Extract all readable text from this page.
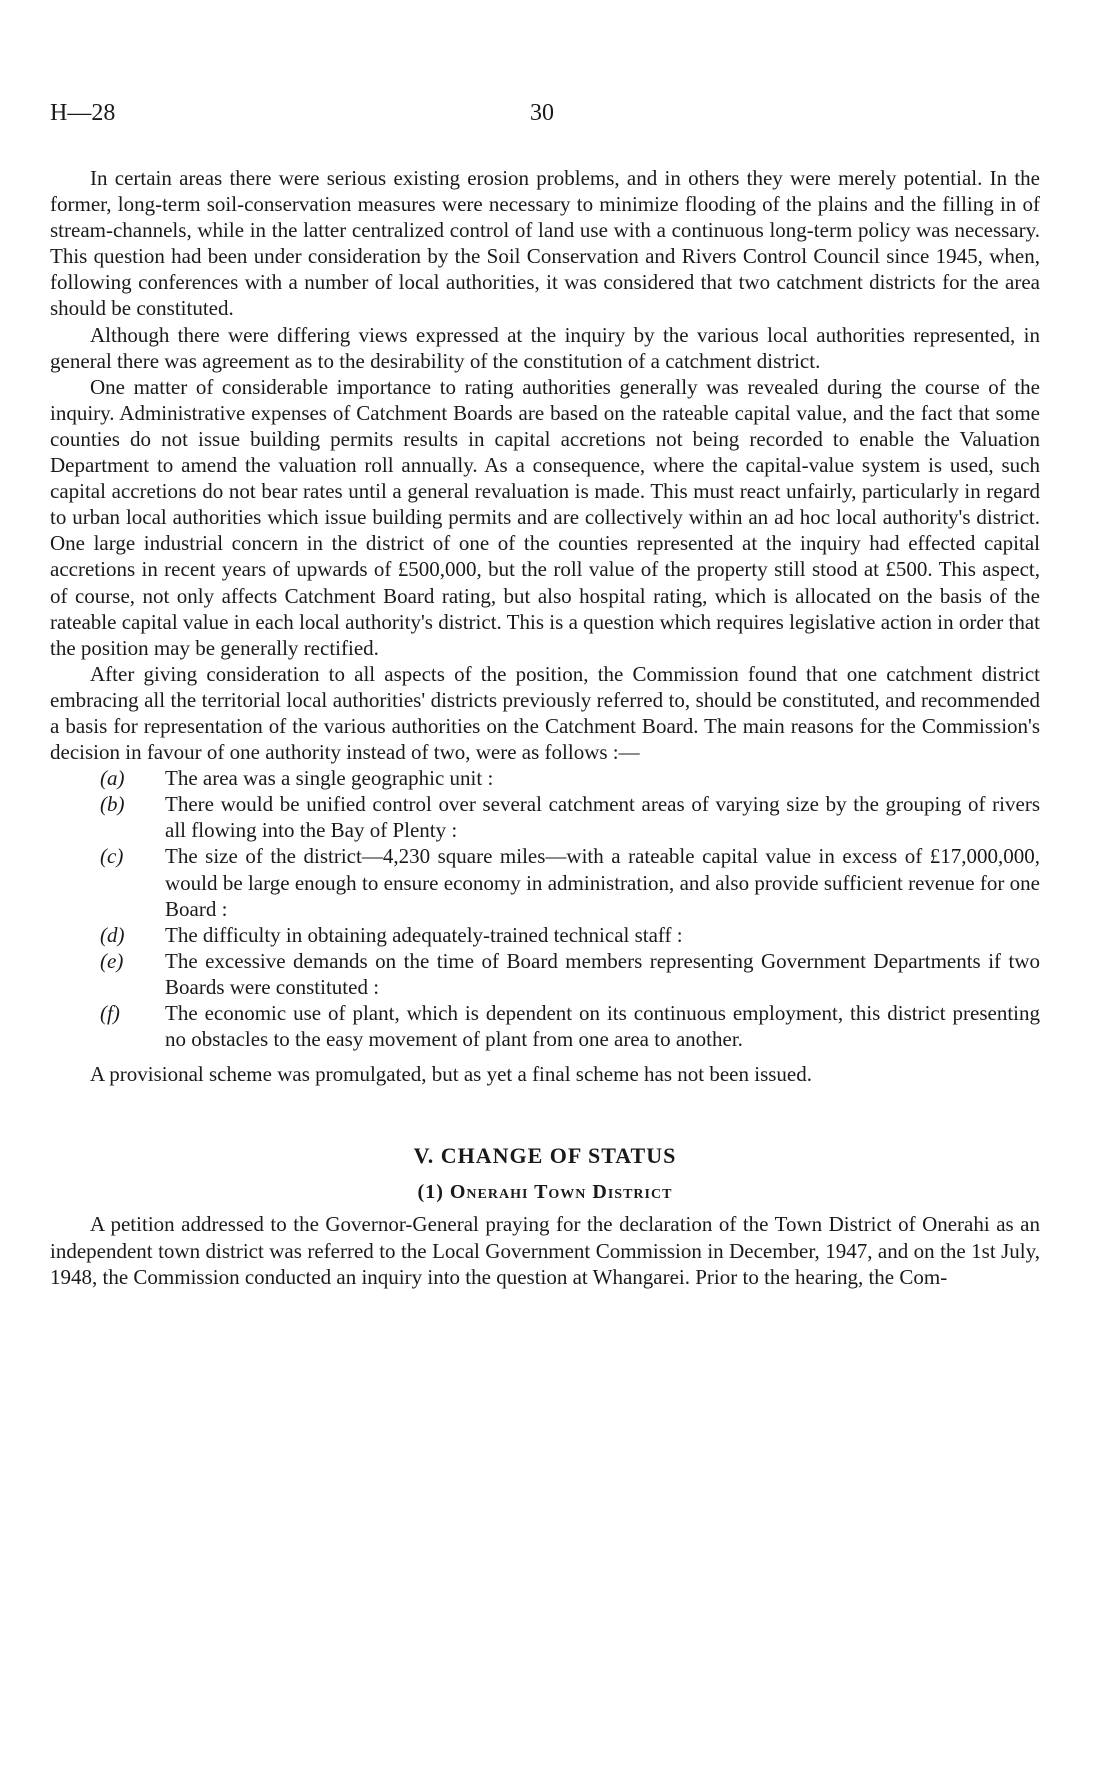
H—28	30

In certain areas there were serious existing erosion problems, and in others they were merely potential. In the former, long-term soil-conservation measures were necessary to minimize flooding of the plains and the filling in of stream-channels, while in the latter centralized control of land use with a continuous long-term policy was necessary. This question had been under consideration by the Soil Conservation and Rivers Control Council since 1945, when, following conferences with a number of local authorities, it was considered that two catchment districts for the area should be constituted.

Although there were differing views expressed at the inquiry by the various local authorities represented, in general there was agreement as to the desirability of the constitution of a catchment district.

One matter of considerable importance to rating authorities generally was revealed during the course of the inquiry. Administrative expenses of Catchment Boards are based on the rateable capital value, and the fact that some counties do not issue building permits results in capital accretions not being recorded to enable the Valuation Department to amend the valuation roll annually. As a consequence, where the capital-value system is used, such capital accretions do not bear rates until a general revaluation is made. This must react unfairly, particularly in regard to urban local authorities which issue building permits and are collectively within an ad hoc local authority's district. One large industrial concern in the district of one of the counties represented at the inquiry had effected capital accretions in recent years of upwards of £500,000, but the roll value of the property still stood at £500. This aspect, of course, not only affects Catchment Board rating, but also hospital rating, which is allocated on the basis of the rateable capital value in each local authority's district. This is a question which requires legislative action in order that the position may be generally rectified.

After giving consideration to all aspects of the position, the Commission found that one catchment district embracing all the territorial local authorities' districts previously referred to, should be constituted, and recommended a basis for representation of the various authorities on the Catchment Board. The main reasons for the Commission's decision in favour of one authority instead of two, were as follows :—

(a) The area was a single geographic unit :
(b) There would be unified control over several catchment areas of varying size by the grouping of rivers all flowing into the Bay of Plenty :
(c) The size of the district—4,230 square miles—with a rateable capital value in excess of £17,000,000, would be large enough to ensure economy in administration, and also provide sufficient revenue for one Board :
(d) The difficulty in obtaining adequately-trained technical staff :
(e) The excessive demands on the time of Board members representing Government Departments if two Boards were constituted :
(f) The economic use of plant, which is dependent on its continuous employment, this district presenting no obstacles to the easy movement of plant from one area to another.

A provisional scheme was promulgated, but as yet a final scheme has not been issued.

V. CHANGE OF STATUS
(1) Onerahi Town District

A petition addressed to the Governor-General praying for the declaration of the Town District of Onerahi as an independent town district was referred to the Local Government Commission in December, 1947, and on the 1st July, 1948, the Commission conducted an inquiry into the question at Whangarei. Prior to the hearing, the Com-
